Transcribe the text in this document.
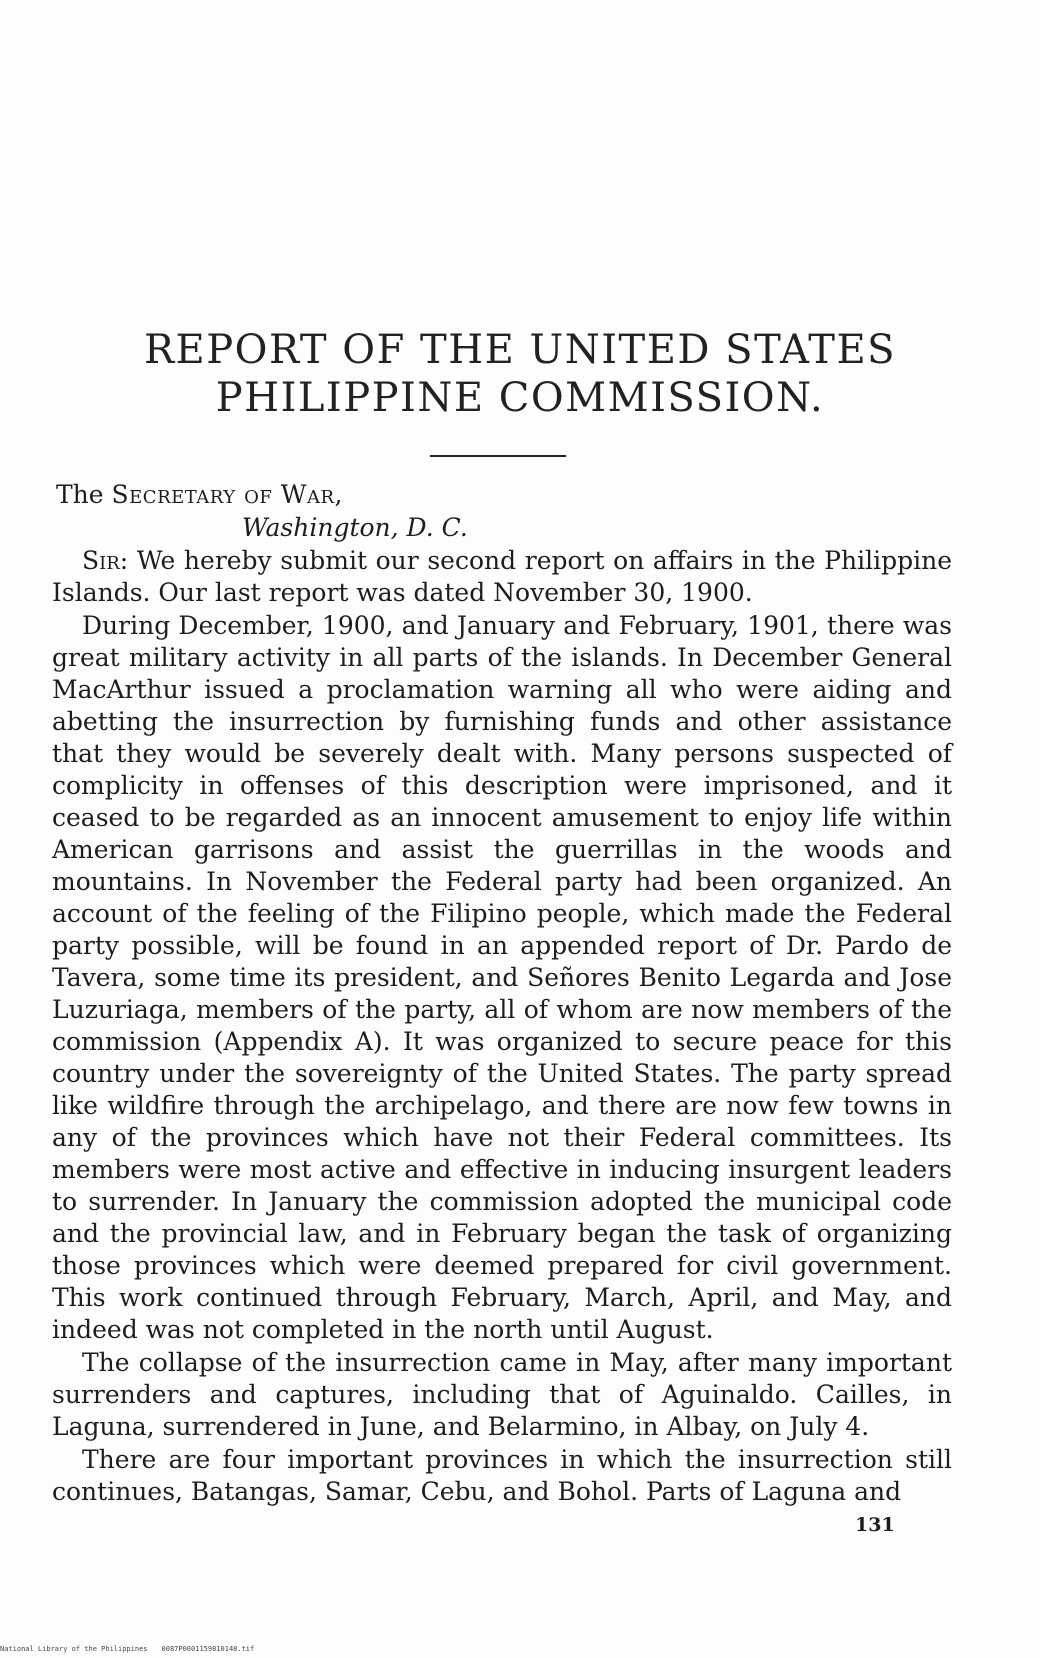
REPORT OF THE UNITED STATES
PHILIPPINE COMMISSION.

The Secretary of War,

Washington, D. C.

Sir: We hereby submit our second report on affairs in the Philippine Islands. Our last report was dated November 30, 1900.

During December, 1900, and January and February, 1901, there was great military activity in all parts of the islands. In December General MacArthur issued a proclamation warning all who were aiding and abetting the insurrection by furnishing funds and other assistance that they would be severely dealt with. Many persons suspected of complicity in offenses of this description were imprisoned, and it ceased to be regarded as an innocent amusement to enjoy life within American garrisons and assist the guerrillas in the woods and mountains. In November the Federal party had been organized. An account of the feeling of the Filipino people, which made the Federal party possible, will be found in an appended report of Dr. Pardo de Tavera, some time its president, and Señores Benito Legarda and Jose Luzuriaga, members of the party, all of whom are now members of the commission (Appendix A). It was organized to secure peace for this country under the sovereignty of the United States. The party spread like wildfire through the archipelago, and there are now few towns in any of the provinces which have not their Federal committees. Its members were most active and effective in inducing insurgent leaders to surrender. In January the commission adopted the municipal code and the provincial law, and in February began the task of organizing those provinces which were deemed prepared for civil government. This work continued through February, March, April, and May, and indeed was not completed in the north until August.

The collapse of the insurrection came in May, after many important surrenders and captures, including that of Aguinaldo. Cailles, in Laguna, surrendered in June, and Belarmino, in Albay, on July 4.

There are four important provinces in which the insurrection still continues, Batangas, Samar, Cebu, and Bohol. Parts of Laguna and

131

National Library of the Philippines 0087P0001159810148.tif
